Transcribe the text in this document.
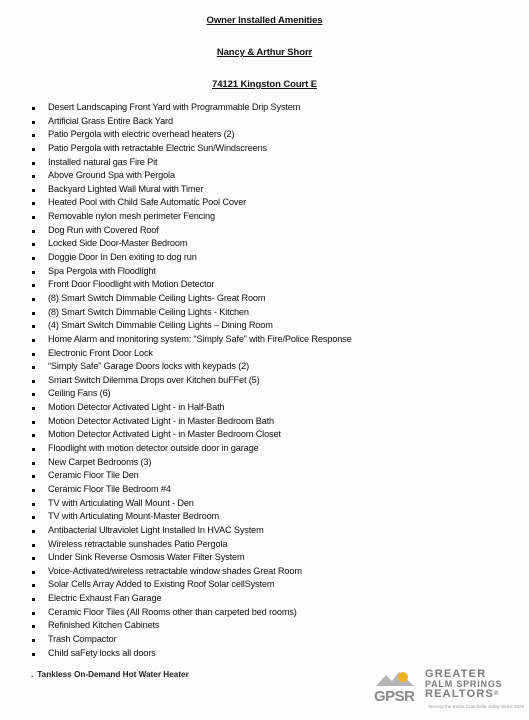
Owner Installed Amenities
Nancy & Arthur Shorr
74121 Kingston Court E
Desert Landscaping Front Yard with Programmable Drip System
Artificial Grass Entire Back Yard
Patio Pergola with electric overhead heaters (2)
Patio Pergola with retractable Electric Sun/Windscreens
Installed natural gas Fire Pit
Above Ground Spa with Pergola
Backyard Lighted Wall Mural with Timer
Heated Pool with Child Safe Automatic Pool Cover
Removable nylon mesh perimeter Fencing
Dog Run with Covered Roof
Locked Side Door-Master Bedroom
Doggie Door In Den exiting to dog run
Spa Pergola with Floodlight
Front Door Floodlight with Motion Detector
(8) Smart Switch Dimmable Ceiling Lights- Great Room
(8) Smart Switch Dimmable Ceiling Lights - Kitchen
(4) Smart Switch Dimmable Ceiling Lights – Dining Room
Home Alarm and monitoring system: “Simply Safe” with Fire/Police Response
Electronic Front Door Lock
“Simply Safe” Garage Doors locks with keypads (2)
Smart Switch Dilemma Drops over Kitchen buFFet (5)
Ceiling Fans (6)
Motion Detector Activated Light - in Half-Bath
Motion Detector Activated Light - in Master Bedroom Bath
Motion Detector Activated Light - in Master Bedroom Closet
Floodlight with motion detector outside door in garage
New Carpet Bedrooms (3)
Ceramic Floor Tile Den
Ceramic Floor Tile Bedroom #4
TV with Articulating Wall Mount - Den
TV with Articulating Mount-Master Bedroom
Antibacterial Ultraviolet Light Installed In HVAC System
Wireless retractable sunshades Patio Pergola
Under Sink Reverse Osmosis Water Filter System
Voice-Activated/wireless retractable window shades Great Room
Solar Cells Array Added to Existing Roof Solar cellSystem
Electric Exhaust Fan Garage
Ceramic Floor Tiles (All Rooms other than carpeted bed rooms)
Refinished Kitchen Cabinets
Trash Compactor
Child saFety locks all doors
. Tankless On-Demand Hot Water Heater
GPSR
GREATER
PALM SPRINGS
REALTORS®
Serving the Entire Coachella Valley Since 1929
